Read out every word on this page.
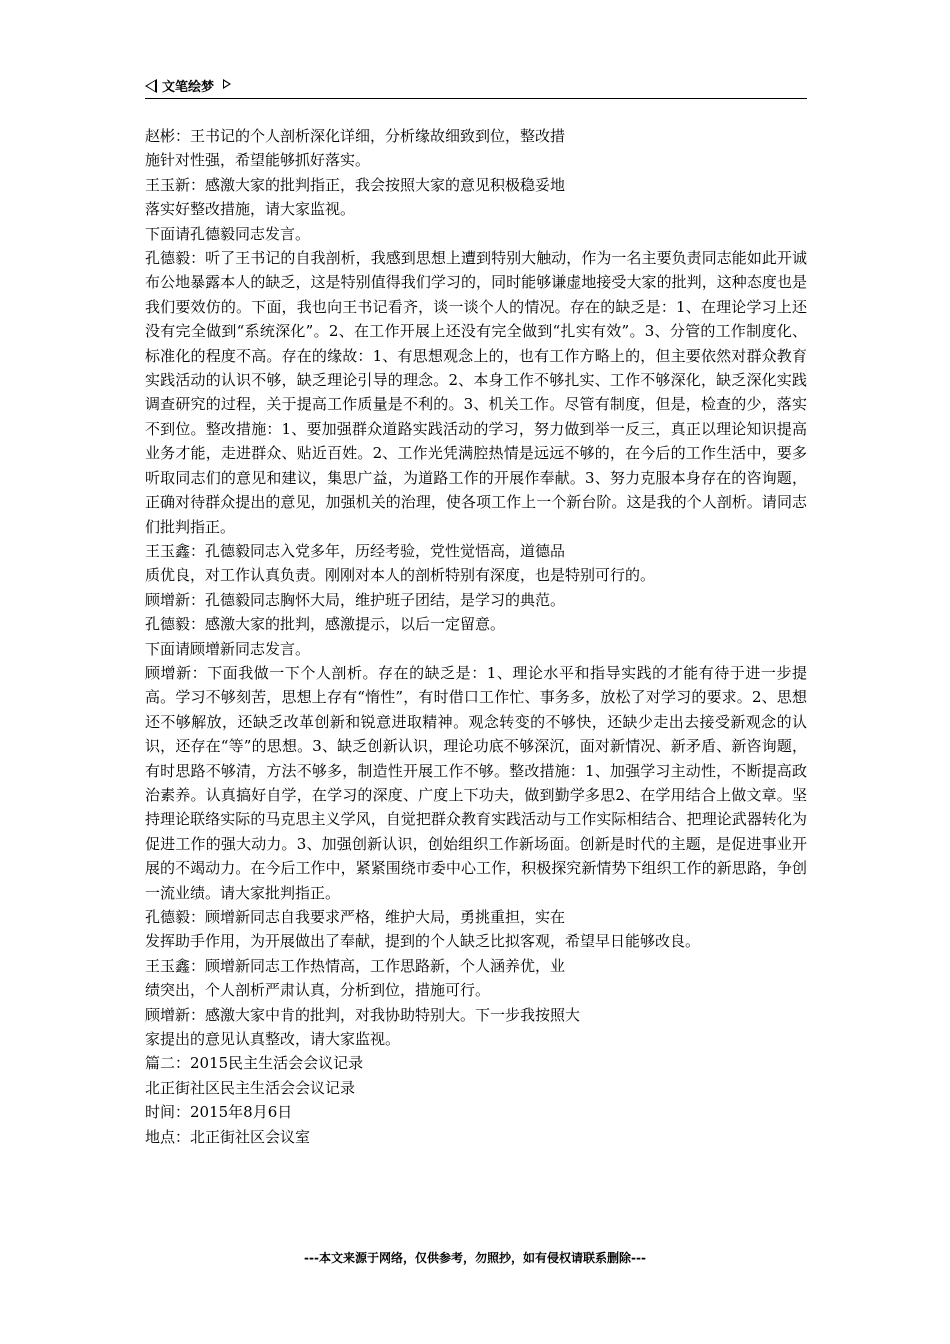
文笔绘梦
赵彬：王书记的个人剖析深化详细，分析缘故细致到位，整改措
施针对性强，希望能够抓好落实。
王玉新：感激大家的批判指正，我会按照大家的意见积极稳妥地
落实好整改措施，请大家监视。
下面请孔德毅同志发言。

孔德毅：听了王书记的自我剖析，我感到思想上遭到特别大触动，作为一名主要负责同志能如此开诚布公地暴露本人的缺乏，这是特别值得我们学习的，同时能够谦虚地接受大家的批判，这种态度也是我们要效仿的。下面，我也向王书记看齐，谈一谈个人的情况。存在的缺乏是：1、在理论学习上还没有完全做到“系统深化”。2、在工作开展上还没有完全做到“扎实有效”。3、分管的工作制度化、标准化的程度不高。存在的缘故：1、有思想观念上的，也有工作方略上的，但主要依然对群众教育实践活动的认识不够，缺乏理论引导的理念。2、本身工作不够扎实、工作不够深化，缺乏深化实践调查研究的过程，关于提高工作质量是不利的。3、机关工作。尽管有制度，但是，检查的少，落实不到位。整改措施：1、要加强群众道路实践活动的学习，努力做到举一反三，真正以理论知识提高业务才能，走进群众、贴近百姓。2、工作光凭满腔热情是远远不够的，在今后的工作生活中，要多听取同志们的意见和建议，集思广益，为道路工作的开展作奉献。3、努力克服本身存在的咨询题，正确对待群众提出的意见，加强机关的治理，使各项工作上一个新台阶。这是我的个人剖析。请同志们批判指正。

王玉鑫：孔德毅同志入党多年，历经考验，党性觉悟高，道德品
质优良，对工作认真负责。刚刚对本人的剖析特别有深度，也是特别可行的。
顾增新：孔德毅同志胸怀大局，维护班子团结，是学习的典范。
孔德毅：感激大家的批判，感激提示，以后一定留意。
下面请顾增新同志发言。

顾增新：下面我做一下个人剖析。存在的缺乏是：1、理论水平和指导实践的才能有待于进一步提高。学习不够刻苦，思想上存有“惰性”，有时借口工作忙、事务多，放松了对学习的要求。2、思想还不够解放，还缺乏改革创新和锐意进取精神。观念转变的不够快，还缺少走出去接受新观念的认识，还存在“等”的思想。3、缺乏创新认识，理论功底不够深沉，面对新情况、新矛盾、新咨询题，有时思路不够清，方法不够多，制造性开展工作不够。整改措施：1、加强学习主动性，不断提高政治素养。认真搞好自学，在学习的深度、广度上下功夫，做到勤学多思2、在学用结合上做文章。坚持理论联络实际的马克思主义学风，自觉把群众教育实践活动与工作实际相结合、把理论武器转化为促进工作的强大动力。3、加强创新认识，创始组织工作新场面。创新是时代的主题，是促进事业开展的不竭动力。在今后工作中，紧紧围绕市委中心工作，积极探究新情势下组织工作的新思路，争创一流业绩。请大家批判指正。

孔德毅：顾增新同志自我要求严格，维护大局，勇挑重担，实在
发挥助手作用，为开展做出了奉献，提到的个人缺乏比拟客观，希望早日能够改良。
王玉鑫：顾增新同志工作热情高，工作思路新，个人涵养优，业
绩突出，个人剖析严肃认真，分析到位，措施可行。
顾增新：感激大家中肯的批判，对我协助特别大。下一步我按照大
家提出的意见认真整改，请大家监视。
篇二：2015民主生活会会议记录
北正街社区民主生活会会议记录
时间：2015年8月6日
地点：北正街社区会议室
---本文来源于网络，仅供参考，勿照抄，如有侵权请联系删除---
